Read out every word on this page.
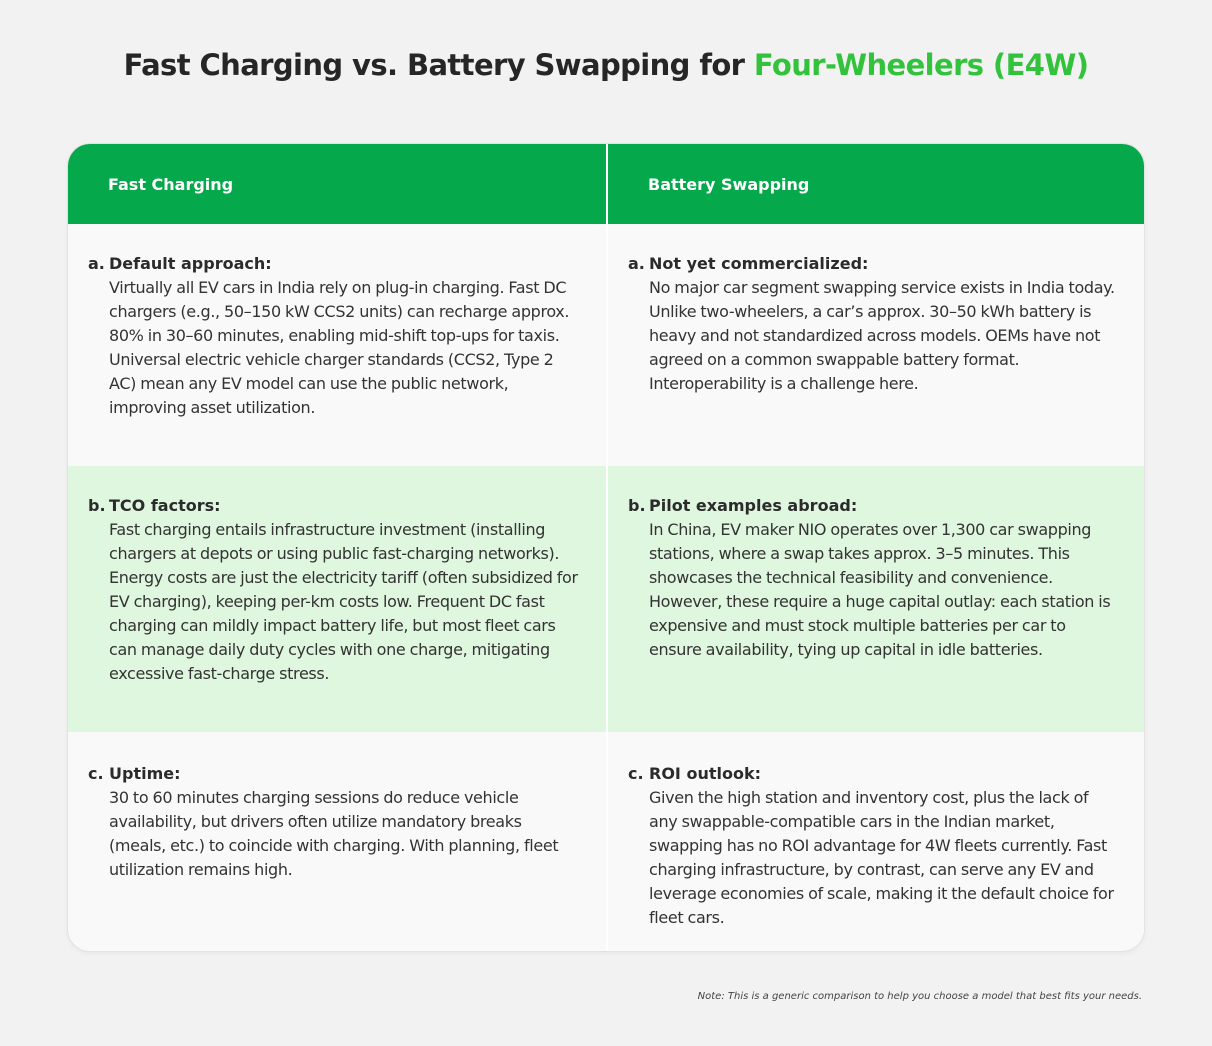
Fast Charging vs. Battery Swapping for Four-Wheelers (E4W)
Fast Charging	Battery Swapping
a. Default approach:
Virtually all EV cars in India rely on plug-in charging. Fast DC chargers (e.g., 50–150 kW CCS2 units) can recharge approx. 80% in 30–60 minutes, enabling mid-shift top-ups for taxis. Universal electric vehicle charger standards (CCS2, Type 2 AC) mean any EV model can use the public network, improving asset utilization.
a. Not yet commercialized:
No major car segment swapping service exists in India today. Unlike two-wheelers, a car’s approx. 30–50 kWh battery is heavy and not standardized across models. OEMs have not agreed on a common swappable battery format. Interoperability is a challenge here.
b. TCO factors:
Fast charging entails infrastructure investment (installing chargers at depots or using public fast-charging networks). Energy costs are just the electricity tariff (often subsidized for EV charging), keeping per-km costs low. Frequent DC fast charging can mildly impact battery life, but most fleet cars can manage daily duty cycles with one charge, mitigating excessive fast-charge stress.
b. Pilot examples abroad:
In China, EV maker NIO operates over 1,300 car swapping stations, where a swap takes approx. 3–5 minutes. This showcases the technical feasibility and convenience. However, these require a huge capital outlay: each station is expensive and must stock multiple batteries per car to ensure availability, tying up capital in idle batteries.
c. Uptime:
30 to 60 minutes charging sessions do reduce vehicle availability, but drivers often utilize mandatory breaks (meals, etc.) to coincide with charging. With planning, fleet utilization remains high.
c. ROI outlook:
Given the high station and inventory cost, plus the lack of any swappable-compatible cars in the Indian market, swapping has no ROI advantage for 4W fleets currently. Fast charging infrastructure, by contrast, can serve any EV and leverage economies of scale, making it the default choice for fleet cars.

Note: This is a generic comparison to help you choose a model that best fits your needs.
